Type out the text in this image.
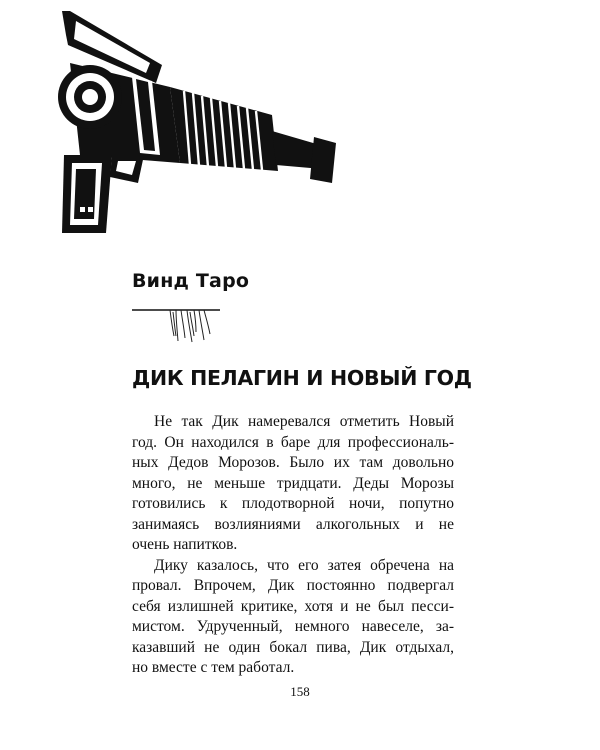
Винд Таро
ДИК ПЕЛАГИН И НОВЫЙ ГОД
Не так Дик намеревался отметить Новый
год. Он находился в баре для профессиональ-
ных Дедов Морозов. Было их там довольно
много, не меньше тридцати. Деды Морозы
готовились к плодотворной ночи, попутно
занимаясь возлияниями алкогольных и не
очень напитков.
Дику казалось, что его затея обречена на
провал. Впрочем, Дик постоянно подвергал
себя излишней критике, хотя и не был песси-
мистом. Удрученный, немного навеселе, за-
казавший не один бокал пива, Дик отдыхал,
но вместе с тем работал.
158
